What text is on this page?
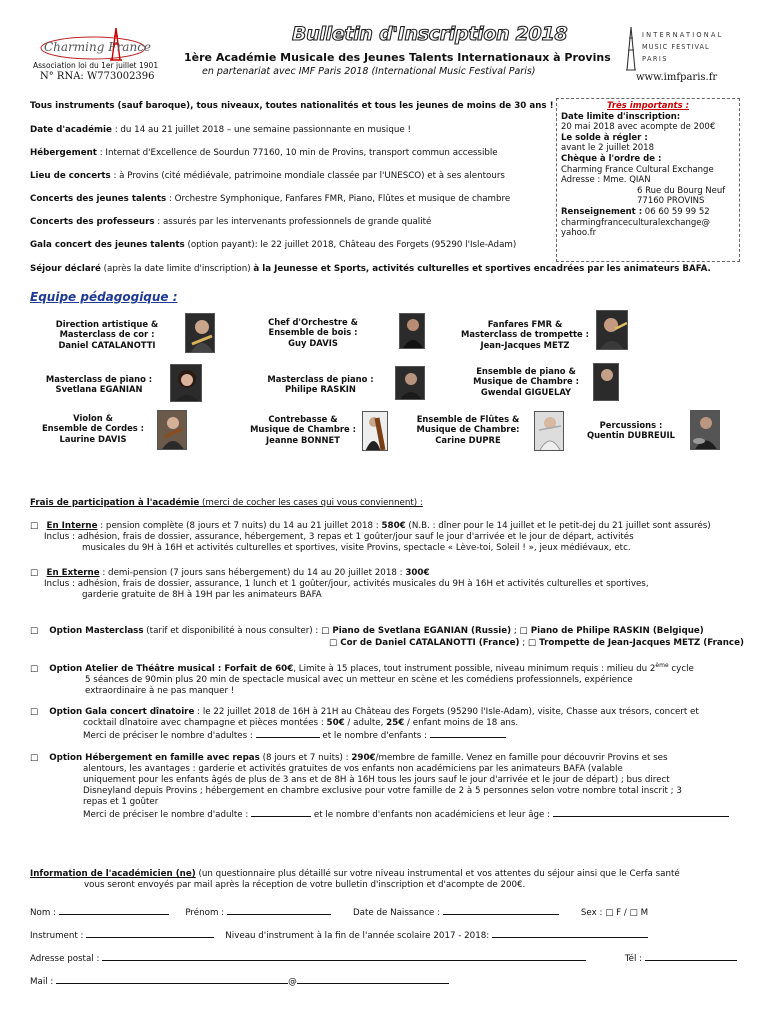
Charming France
Association loi du 1er juillet 1901
N° RNA: W773002396
Bulletin d'Inscription 2018
1ère Académie Musicale des Jeunes Talents Internationaux à Provins
en partenariat avec IMF Paris 2018 (International Music Festival Paris)
INTERNATIONAL
MUSIC FESTIVAL
PARIS
www.imfparis.fr
Tous instruments (sauf baroque), tous niveaux, toutes nationalités et tous les jeunes de moins de 30 ans !
Date d'académie : du 14 au 21 juillet 2018 – une semaine passionnante en musique !
Hébergement : Internat d'Excellence de Sourdun 77160, 10 min de Provins, transport commun accessible
Lieu de concerts : à Provins (cité médiévale, patrimoine mondiale classée par l'UNESCO) et à ses alentours
Concerts des jeunes talents : Orchestre Symphonique, Fanfares FMR, Piano, Flûtes et musique de chambre
Concerts des professeurs : assurés par les intervenants professionnels de grande qualité
Gala concert des jeunes talents (option payant): le 22 juillet 2018, Château des Forgets (95290 l'Isle-Adam)
Séjour déclaré (après la date limite d'inscription) à la Jeunesse et Sports, activités culturelles et sportives encadrées par les animateurs BAFA.
Très importants :
Date limite d'inscription:
20 mai 2018 avec acompte de 200€
Le solde à régler :
avant le 2 juillet 2018
Chèque à l'ordre de :
Charming France Cultural Exchange
Adresse : Mme. QIAN
6 Rue du Bourg Neuf
77160 PROVINS
Renseignement : 06 60 59 99 52
charmingfranceculturalexchange@
yahoo.fr
Equipe pédagogique :
Direction artistique &
Masterclass de cor :
Daniel CATALANOTTI
Chef d'Orchestre &
Ensemble de bois :
Guy DAVIS
Fanfares FMR &
Masterclass de trompette :
Jean-Jacques METZ
Masterclass de piano :
Svetlana EGANIAN
Masterclass de piano :
Philipe RASKIN
Ensemble de piano &
Musique de Chambre :
Gwendal GIGUELAY
Violon &
Ensemble de Cordes :
Laurine DAVIS
Contrebasse &
Musique de Chambre :
Jeanne BONNET
Ensemble de Flûtes &
Musique de Chambre:
Carine DUPRE
Percussions :
Quentin DUBREUIL
Frais de participation à l'académie (merci de cocher les cases qui vous conviennent) :
□ En Interne : pension complète (8 jours et 7 nuits) du 14 au 21 juillet 2018 : 580€ (N.B. : dîner pour le 14 juillet et le petit-dej du 21 juillet sont assurés)
Inclus : adhésion, frais de dossier, assurance, hébergement, 3 repas et 1 goûter/jour sauf le jour d'arrivée et le jour de départ, activités
musicales du 9H à 16H et activités culturelles et sportives, visite Provins, spectacle « Lève-toi, Soleil ! », jeux médiévaux, etc.
□ En Externe : demi-pension (7 jours sans hébergement) du 14 au 20 juillet 2018 : 300€
Inclus : adhésion, frais de dossier, assurance, 1 lunch et 1 goûter/jour, activités musicales du 9H à 16H et activités culturelles et sportives,
garderie gratuite de 8H à 19H par les animateurs BAFA
□ Option Masterclass (tarif et disponibilité à nous consulter) : □ Piano de Svetlana EGANIAN (Russie) ; □ Piano de Philipe RASKIN (Belgique)
□ Cor de Daniel CATALANOTTI (France) ; □ Trompette de Jean-Jacques METZ (France)
□ Option Atelier de Théâtre musical : Forfait de 60€, Limite à 15 places, tout instrument possible, niveau minimum requis : milieu du 2ème cycle
5 séances de 90min plus 20 min de spectacle musical avec un metteur en scène et les comédiens professionnels, expérience
extraordinaire à ne pas manquer !
□ Option Gala concert dînatoire : le 22 juillet 2018 de 16H à 21H au Château des Forgets (95290 l'Isle-Adam), visite, Chasse aux trésors, concert et
cocktail dînatoire avec champagne et pièces montées : 50€ / adulte, 25€ / enfant moins de 18 ans.
Merci de préciser le nombre d'adultes :	et le nombre d'enfants :
□ Option Hébergement en famille avec repas (8 jours et 7 nuits) : 290€/membre de famille. Venez en famille pour découvrir Provins et ses
alentours, les avantages : garderie et activités gratuites de vos enfants non académiciens par les animateurs BAFA (valable
uniquement pour les enfants âgés de plus de 3 ans et de 8H à 16H tous les jours sauf le jour d'arrivée et le jour de départ) ; bus direct
Disneyland depuis Provins ; hébergement en chambre exclusive pour votre famille de 2 à 5 personnes selon votre nombre total inscrit ; 3
repas et 1 goûter
Merci de préciser le nombre d'adulte :	et le nombre d'enfants non académiciens et leur âge :
Information de l'académicien (ne) (un questionnaire plus détaillé sur votre niveau instrumental et vos attentes du séjour ainsi que le Cerfa santé
vous seront envoyés par mail après la réception de votre bulletin d'inscription et d'acompte de 200€.
Nom :	Prénom :	Date de Naissance :	Sex : □ F / □ M
Instrument :	Niveau d'instrument à la fin de l'année scolaire 2017 - 2018:
Adresse postal :	Tél :
Mail :	@
